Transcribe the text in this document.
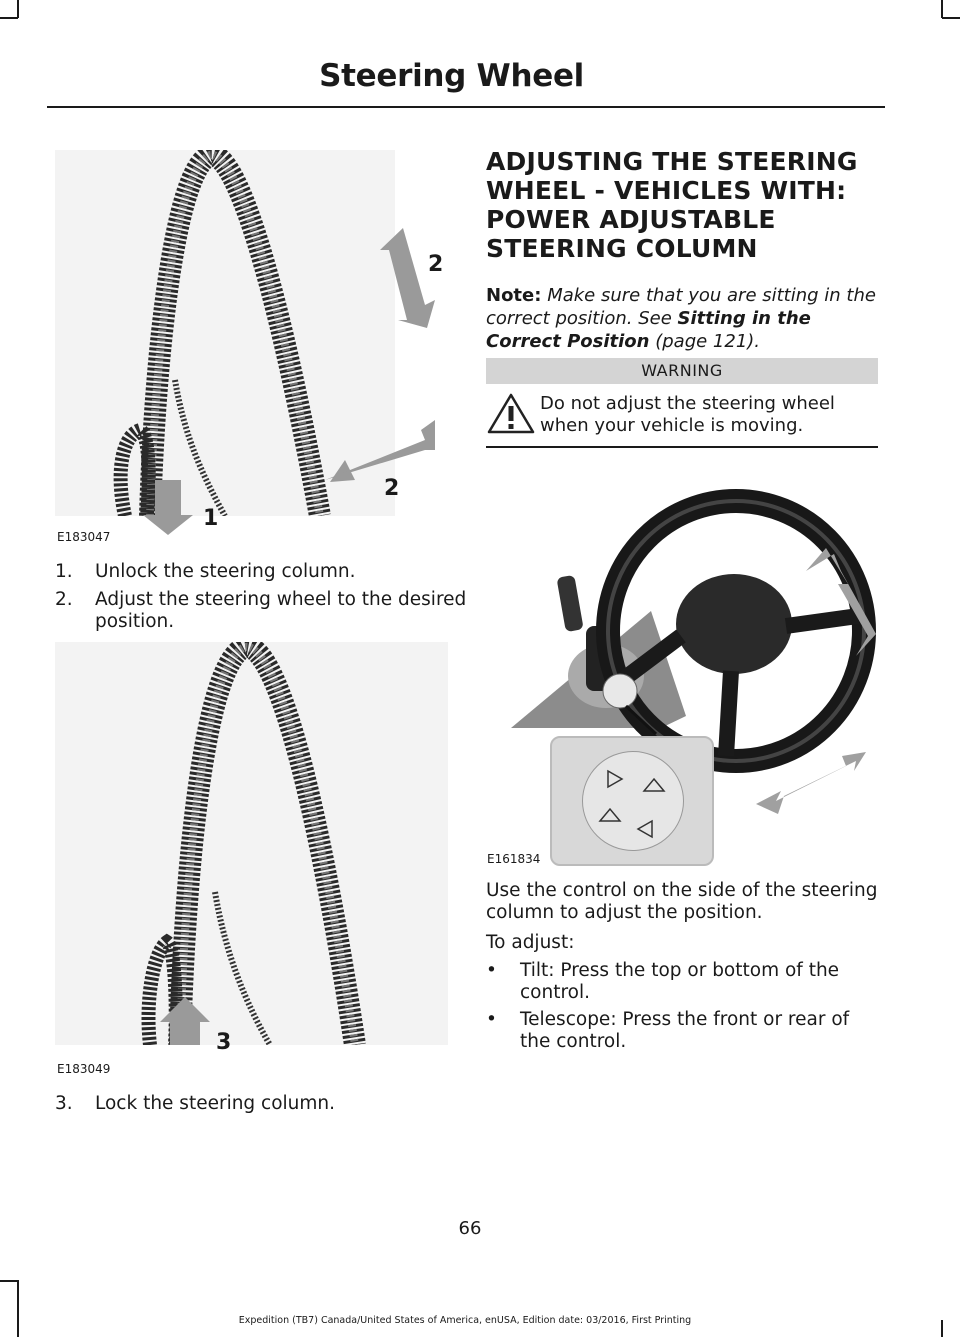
Steering Wheel
2
2
1
E183047
1. Unlock the steering column.
2. Adjust the steering wheel to the desired
position.
3
E183049
3. Lock the steering column.
ADJUSTING THE STEERING
WHEEL - VEHICLES WITH:
POWER ADJUSTABLE
STEERING COLUMN
Note: Make sure that you are sitting in the correct position. See Sitting in the Correct Position (page 121).
WARNING
Do not adjust the steering wheel when your vehicle is moving.
E161834
Use the control on the side of the steering column to adjust the position.
To adjust:
• Tilt: Press the top or bottom of the control.
• Telescope: Press the front or rear of the control.
66
Expedition (TB7) Canada/United States of America, enUSA, Edition date: 03/2016, First Printing
